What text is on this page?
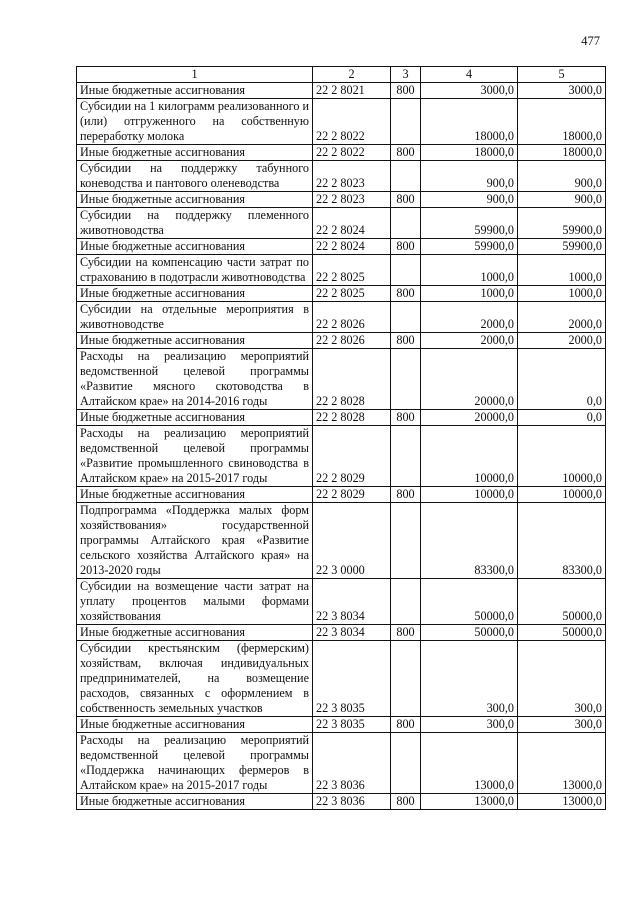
477
1	2	3	4	5
Иные бюджетные ассигнования	22 2 8021	800	3000,0	3000,0
Субсидии на 1 килограмм реализованного и (или) отгруженного на собственную переработку молока	22 2 8022		18000,0	18000,0
Иные бюджетные ассигнования	22 2 8022	800	18000,0	18000,0
Субсидии на поддержку табунного коневодства и пантового оленеводства	22 2 8023		900,0	900,0
Иные бюджетные ассигнования	22 2 8023	800	900,0	900,0
Субсидии на поддержку племенного животноводства	22 2 8024		59900,0	59900,0
Иные бюджетные ассигнования	22 2 8024	800	59900,0	59900,0
Субсидии на компенсацию части затрат по страхованию в подотрасли животноводства	22 2 8025		1000,0	1000,0
Иные бюджетные ассигнования	22 2 8025	800	1000,0	1000,0
Субсидии на отдельные мероприятия в животноводстве	22 2 8026		2000,0	2000,0
Иные бюджетные ассигнования	22 2 8026	800	2000,0	2000,0
Расходы на реализацию мероприятий ведомственной целевой программы «Развитие мясного скотоводства в Алтайском крае» на 2014-2016 годы	22 2 8028		20000,0	0,0
Иные бюджетные ассигнования	22 2 8028	800	20000,0	0,0
Расходы на реализацию мероприятий ведомственной целевой программы «Развитие промышленного свиноводства в Алтайском крае» на 2015-2017 годы	22 2 8029		10000,0	10000,0
Иные бюджетные ассигнования	22 2 8029	800	10000,0	10000,0
Подпрограмма «Поддержка малых форм хозяйствования» государственной программы Алтайского края «Развитие сельского хозяйства Алтайского края» на 2013-2020 годы	22 3 0000		83300,0	83300,0
Субсидии на возмещение части затрат на уплату процентов малыми формами хозяйствования	22 3 8034		50000,0	50000,0
Иные бюджетные ассигнования	22 3 8034	800	50000,0	50000,0
Субсидии крестьянским (фермерским) хозяйствам, включая индивидуальных предпринимателей, на возмещение расходов, связанных с оформлением в собственность земельных участков	22 3 8035		300,0	300,0
Иные бюджетные ассигнования	22 3 8035	800	300,0	300,0
Расходы на реализацию мероприятий ведомственной целевой программы «Поддержка начинающих фермеров в Алтайском крае» на 2015-2017 годы	22 3 8036		13000,0	13000,0
Иные бюджетные ассигнования	22 3 8036	800	13000,0	13000,0
